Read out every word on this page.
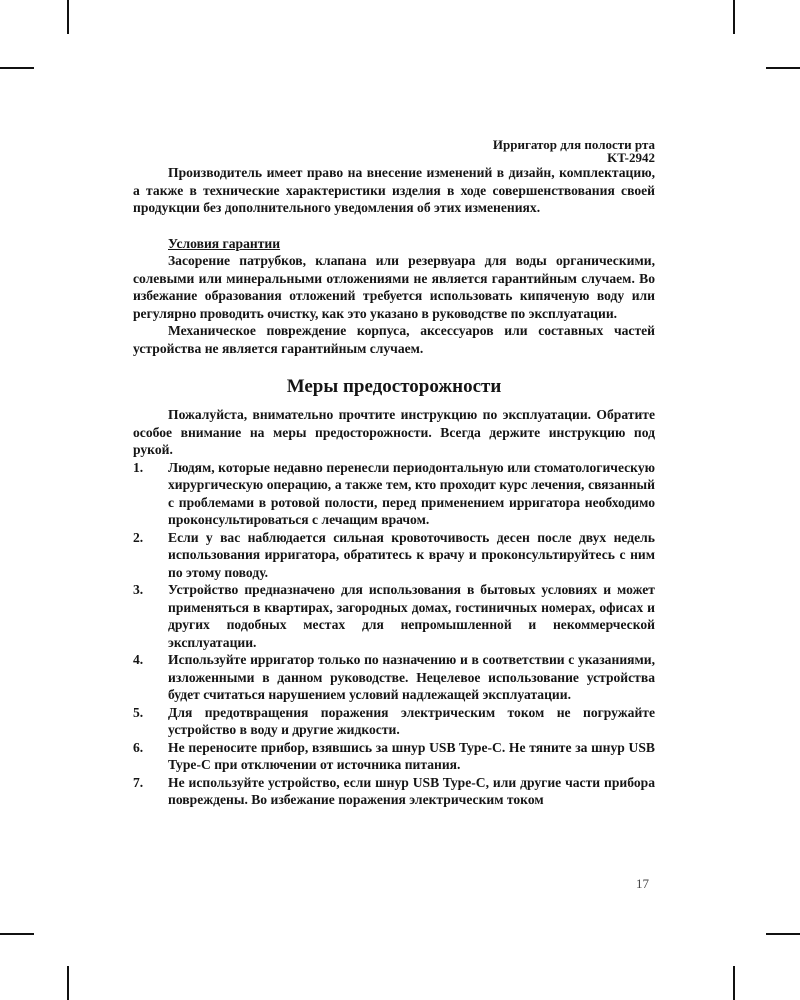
Ирригатор для полости рта
KT-2942

Производитель имеет право на внесение изменений в дизайн, комплектацию, а также в технические характеристики изделия в ходе совершенствования своей продукции без дополнительного уведомления об этих изменениях.

Условия гарантии

Засорение патрубков, клапана или резервуара для воды органическими, солевыми или минеральными отложениями не является гарантийным случаем. Во избежание образования отложений требуется использовать кипяченую воду или регулярно проводить очистку, как это указано в руководстве по эксплуатации.

Механическое повреждение корпуса, аксессуаров или составных частей устройства не является гарантийным случаем.

Меры предосторожности

Пожалуйста, внимательно прочтите инструкцию по эксплуатации. Обратите особое внимание на меры предосторожности. Всегда держите инструкцию под рукой.

1.	Людям, которые недавно перенесли периодонтальную или стоматологическую хирургическую операцию, а также тем, кто проходит курс лечения, связанный с проблемами в ротовой полости, перед применением ирригатора необходимо проконсультироваться с лечащим врачом.
2.	Если у вас наблюдается сильная кровоточивость десен после двух недель использования ирригатора, обратитесь к врачу и проконсультируйтесь с ним по этому поводу.
3.	Устройство предназначено для использования в бытовых условиях и может применяться в квартирах, загородных домах, гостиничных номерах, офисах и других подобных местах для непромышленной и некоммерческой эксплуатации.
4.	Используйте ирригатор только по назначению и в соответствии с указаниями, изложенными в данном руководстве. Нецелевое использование устройства будет считаться нарушением условий надлежащей эксплуатации.
5.	Для предотвращения поражения электрическим током не погружайте устройство в воду и другие жидкости.
6.	Не переносите прибор, взявшись за шнур USB Type-C. Не тяните за шнур USB Type-C при отключении от источника питания.
7.	Не используйте устройство, если шнур USB Type-C, или другие части прибора повреждены. Во избежание поражения электрическим током
17
